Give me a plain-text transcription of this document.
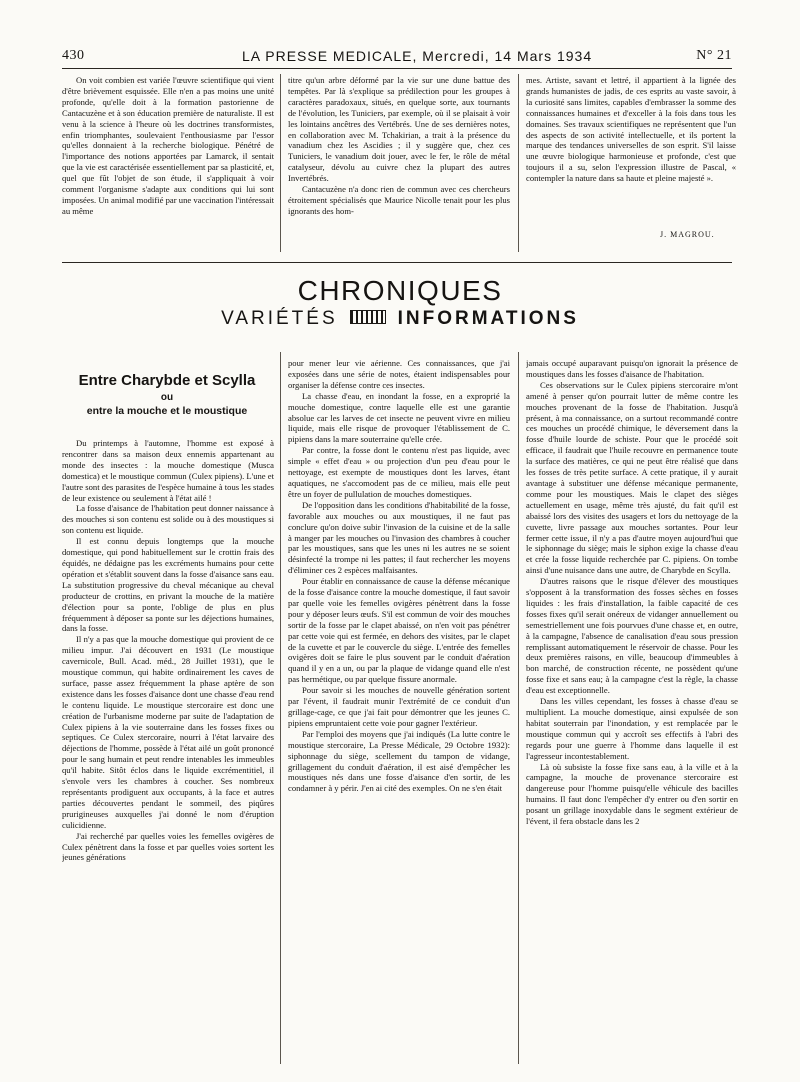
430	LA PRESSE MEDICALE, Mercredi, 14 Mars 1934	N° 21

On voit combien est variée l'œuvre scientifique qui vient d'être brièvement esquissée. Elle n'en a pas moins une unité profonde, qu'elle doit à la formation pastorienne de Cantacuzène et à son éducation première de naturaliste. Il est venu à la science à l'heure où les doctrines transformistes, enfin triomphantes, soulevaient l'enthousiasme par l'essor qu'elles donnaient à la recherche biologique. Pénétré de l'importance des notions apportées par Lamarck, il sentait que la vie est caractérisée essentiellement par sa plasticité, et, quel que fût l'objet de son étude, il s'appliquait à voir comment l'organisme s'adapte aux conditions qui lui sont imposées. Un animal modifié par une vaccination l'intéressait au même

titre qu'un arbre déformé par la vie sur une dune battue des tempêtes. Par là s'explique sa prédilection pour les groupes à caractères paradoxaux, situés, en quelque sorte, aux tournants de l'évolution, les Tuniciers, par exemple, où il se plaisait à voir les lointains ancêtres des Vertébrés. Une de ses dernières notes, en collaboration avec M. Tchakirian, a trait à la présence du vanadium chez les Ascidies ; il y suggère que, chez ces Tuniciers, le vanadium doit jouer, avec le fer, le rôle de métal catalyseur, dévolu au cuivre chez la plupart des autres Invertébrés.

Cantacuzène n'a donc rien de commun avec ces chercheurs étroitement spécialisés que Maurice Nicolle tenait pour les plus ignorants des hom-

mes. Artiste, savant et lettré, il appartient à la lignée des grands humanistes de jadis, de ces esprits au vaste savoir, à la curiosité sans limites, capables d'embrasser la somme des connaissances humaines et d'exceller à la fois dans tous les domaines. Ses travaux scientifiques ne représentent que l'un des aspects de son activité intellectuelle, et ils portent la marque des tendances universelles de son esprit. S'il laisse une œuvre biologique harmonieuse et profonde, c'est que toujours il a su, selon l'expression illustre de Pascal, « contempler la nature dans sa haute et pleine majesté ».

J. MAGROU.
CHRONIQUES
VARIÉTÉS	INFORMATIONS
Entre Charybde et Scylla
ou
entre la mouche et le moustique

Du printemps à l'automne, l'homme est exposé à rencontrer dans sa maison deux ennemis appartenant au monde des insectes : la mouche domestique (Musca domestica) et le moustique commun (Culex pipiens). L'une et l'autre sont des parasites de l'espèce humaine à tous les stades de leur existence ou seulement à l'état ailé !

La fosse d'aisance de l'habitation peut donner naissance à des mouches si son contenu est solide ou à des moustiques si son contenu est liquide.

Il est connu depuis longtemps que la mouche domestique, qui pond habituellement sur le crottin frais des équidés, ne dédaigne pas les excréments humains pour cette opération et s'établit souvent dans la fosse d'aisance sans eau. La substitution progressive du cheval mécanique au cheval producteur de crottins, en privant la mouche de la matière d'élection pour sa ponte, l'oblige de plus en plus fréquemment à déposer sa ponte sur les déjections humaines, dans la fosse.

Il n'y a pas que la mouche domestique qui provient de ce milieu impur. J'ai découvert en 1931 (Le moustique cavernicole, Bull. Acad. méd., 28 Juillet 1931), que le moustique commun, qui habite ordinairement les caves de surface, passe assez fréquemment la phase aptère de son existence dans les fosses d'aisance dont une chasse d'eau rend le contenu liquide. Le moustique stercoraire est donc une création de l'urbanisme moderne par suite de l'adaptation de Culex pipiens à la vie souterraine dans les fosses fixes ou septiques. Ce Culex stercoraire, nourri à l'état larvaire des déjections de l'homme, possède à l'état ailé un goût prononcé pour le sang humain et peut rendre intenables les immeubles qu'il habite. Sitôt éclos dans le liquide excrémentitiel, il s'envole vers les chambres à coucher. Ses nombreux représentants prodiguent aux occupants, à la face et autres parties découvertes pendant le sommeil, des piqûres prurigineuses auxquelles j'ai donné le nom d'éruption culicidienne.

J'ai recherché par quelles voies les femelles ovigères de Culex pénètrent dans la fosse et par quelles voies sortent les jeunes générations

pour mener leur vie aérienne. Ces connaissances, que j'ai exposées dans une série de notes, étaient indispensables pour organiser la défense contre ces insectes.

La chasse d'eau, en inondant la fosse, en a exproprié la mouche domestique, contre laquelle elle est une garantie absolue car les larves de cet insecte ne peuvent vivre en milieu liquide, mais elle risque de provoquer l'établissement de C. pipiens dans la mare souterraine qu'elle crée.

Par contre, la fosse dont le contenu n'est pas liquide, avec simple « effet d'eau » ou projection d'un peu d'eau pour le nettoyage, est exempte de moustiques dont les larves, étant aquatiques, ne s'accomodent pas de ce milieu, mais elle peut être un foyer de pullulation de mouches domestiques.

De l'opposition dans les conditions d'habitabilité de la fosse, favorable aux mouches ou aux moustiques, il ne faut pas conclure qu'on doive subir l'invasion de la cuisine et de la salle à manger par les mouches ou l'invasion des chambres à coucher par les moustiques, sans que les unes ni les autres ne se soient désinfecté la trompe ni les pattes; il faut rechercher les moyens d'éliminer ces 2 espèces malfaisantes.

Pour établir en connaissance de cause la défense mécanique de la fosse d'aisance contre la mouche domestique, il faut savoir par quelle voie les femelles ovigères pénètrent dans la fosse pour y déposer leurs œufs. S'il est commun de voir des mouches sortir de la fosse par le clapet abaissé, on n'en voit pas pénétrer par cette voie qui est fermée, en dehors des visites, par le clapet de la cuvette et par le couvercle du siège. L'entrée des femelles ovigères doit se faire le plus souvent par le conduit d'aération quand il y en a un, ou par la plaque de vidange quand elle n'est pas hermétique, ou par quelque fissure anormale.

Pour savoir si les mouches de nouvelle génération sortent par l'évent, il faudrait munir l'extrémité de ce conduit d'un grillage-cage, ce que j'ai fait pour démontrer que les jeunes C. pipiens empruntaient cette voie pour gagner l'extérieur.

Par l'emploi des moyens que j'ai indiqués (La lutte contre le moustique stercoraire, La Presse Médicale, 29 Octobre 1932): siphonnage du siège, scellement du tampon de vidange, grillagement du conduit d'aération, il est aisé d'empêcher les moustiques nés dans une fosse d'aisance d'en sortir, de les condamner à y périr. J'en ai cité des exemples. On ne s'en était

jamais occupé auparavant puisqu'on ignorait la présence de moustiques dans les fosses d'aisance de l'habitation.

Ces observations sur le Culex pipiens stercoraire m'ont amené à penser qu'on pourrait lutter de même contre les mouches provenant de la fosse de l'habitation. Jusqu'à présent, à ma connaissance, on a surtout recommandé contre ces mouches un procédé chimique, le déversement dans la fosse d'huile lourde de schiste. Pour que le procédé soit efficace, il faudrait que l'huile recouvre en permanence toute la surface des matières, ce qui ne peut être réalisé que dans les fosses de très petite surface. A cette pratique, il y aurait avantage à substituer une défense mécanique permanente, comme pour les moustiques. Mais le clapet des sièges actuellement en usage, même très ajusté, du fait qu'il est abaissé lors des visites des usagers et lors du nettoyage de la cuvette, livre passage aux mouches sortantes. Pour leur fermer cette issue, il n'y a pas d'autre moyen aujourd'hui que le siphonnage du siège; mais le siphon exige la chasse d'eau et crée la fosse liquide recherchée par C. pipiens. On tombe ainsi d'une nuisance dans une autre, de Charybde en Scylla.

D'autres raisons que le risque d'élever des moustiques s'opposent à la transformation des fosses sèches en fosses liquides : les frais d'installation, la faible capacité de ces fosses fixes qu'il serait onéreux de vidanger annuellement ou semestriellement une fois pourvues d'une chasse et, en outre, à la campagne, l'absence de canalisation d'eau sous pression remplissant automatiquement le réservoir de chasse. Pour les deux premières raisons, en ville, beaucoup d'immeubles à bon marché, de construction récente, ne possèdent qu'une fosse fixe et sans eau; à la campagne c'est la règle, la chasse d'eau est exceptionnelle.

Dans les villes cependant, les fosses à chasse d'eau se multiplient. La mouche domestique, ainsi expulsée de son habitat souterrain par l'inondation, y est remplacée par le moustique commun qui y accroît ses effectifs à l'abri des regards pour une guerre à l'homme dans laquelle il est l'agresseur incontestablement.

Là où subsiste la fosse fixe sans eau, à la ville et à la campagne, la mouche de provenance stercoraire est dangereuse pour l'homme puisqu'elle véhicule des bacilles humains. Il faut donc l'empêcher d'y entrer ou d'en sortir en posant un grillage inoxydable dans le segment extérieur de l'évent, il fera obstacle dans les 2
